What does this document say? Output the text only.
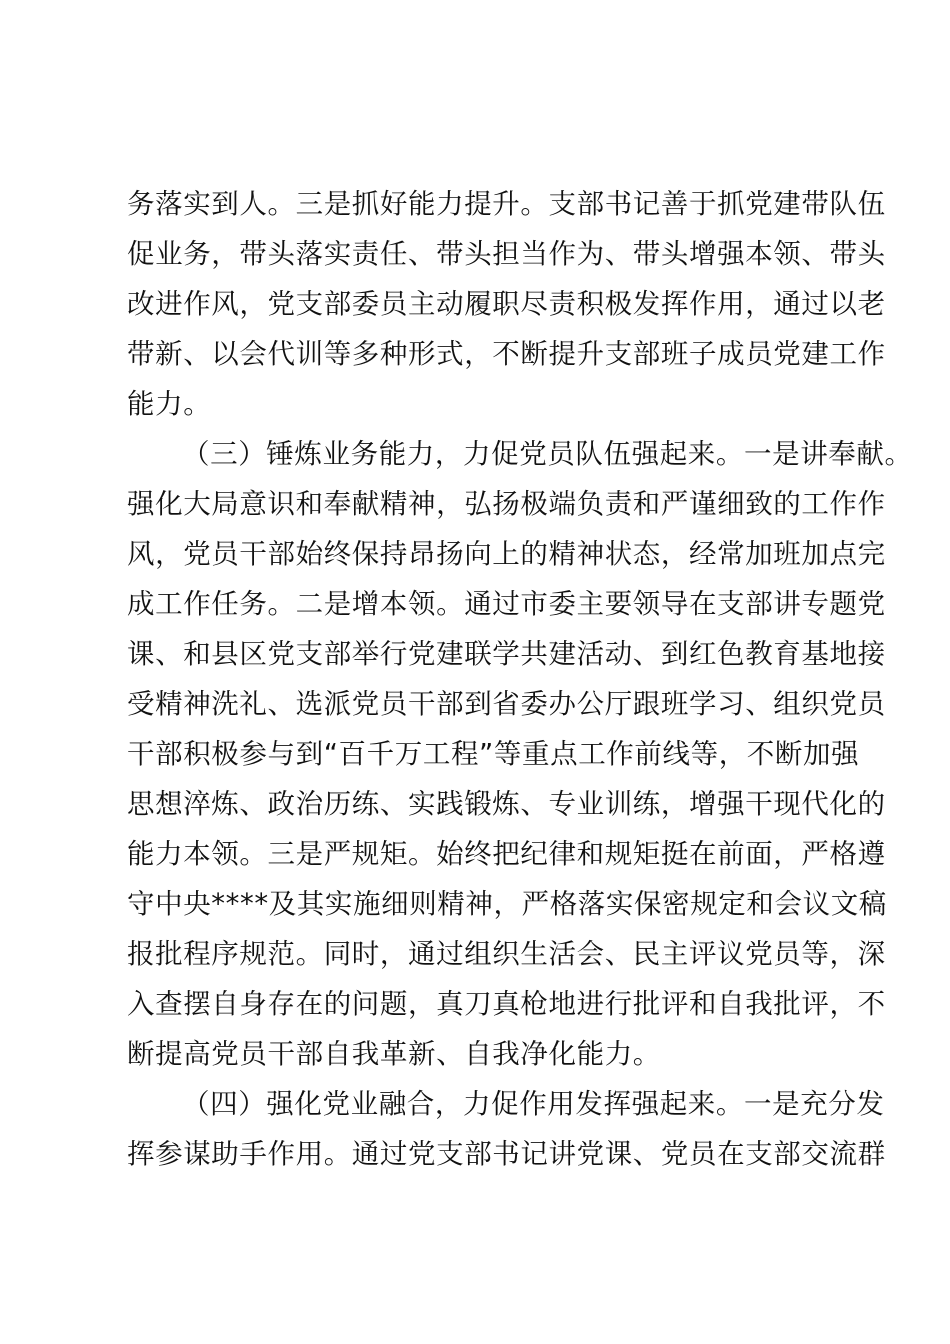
务落实到人。三是抓好能力提升。支部书记善于抓党建带队伍
促业务，带头落实责任、带头担当作为、带头增强本领、带头
改进作风，党支部委员主动履职尽责积极发挥作用，通过以老
带新、以会代训等多种形式，不断提升支部班子成员党建工作
能力。
（三）锤炼业务能力，力促党员队伍强起来。一是讲奉献。
强化大局意识和奉献精神，弘扬极端负责和严谨细致的工作作
风，党员干部始终保持昂扬向上的精神状态，经常加班加点完
成工作任务。二是增本领。通过市委主要领导在支部讲专题党
课、和县区党支部举行党建联学共建活动、到红色教育基地接
受精神洗礼、选派党员干部到省委办公厅跟班学习、组织党员
干部积极参与到“百千万工程”等重点工作前线等，不断加强
思想淬炼、政治历练、实践锻炼、专业训练，增强干现代化的
能力本领。三是严规矩。始终把纪律和规矩挺在前面，严格遵
守中央****及其实施细则精神，严格落实保密规定和会议文稿
报批程序规范。同时，通过组织生活会、民主评议党员等，深
入查摆自身存在的问题，真刀真枪地进行批评和自我批评，不
断提高党员干部自我革新、自我净化能力。
（四）强化党业融合，力促作用发挥强起来。一是充分发
挥参谋助手作用。通过党支部书记讲党课、党员在支部交流群
